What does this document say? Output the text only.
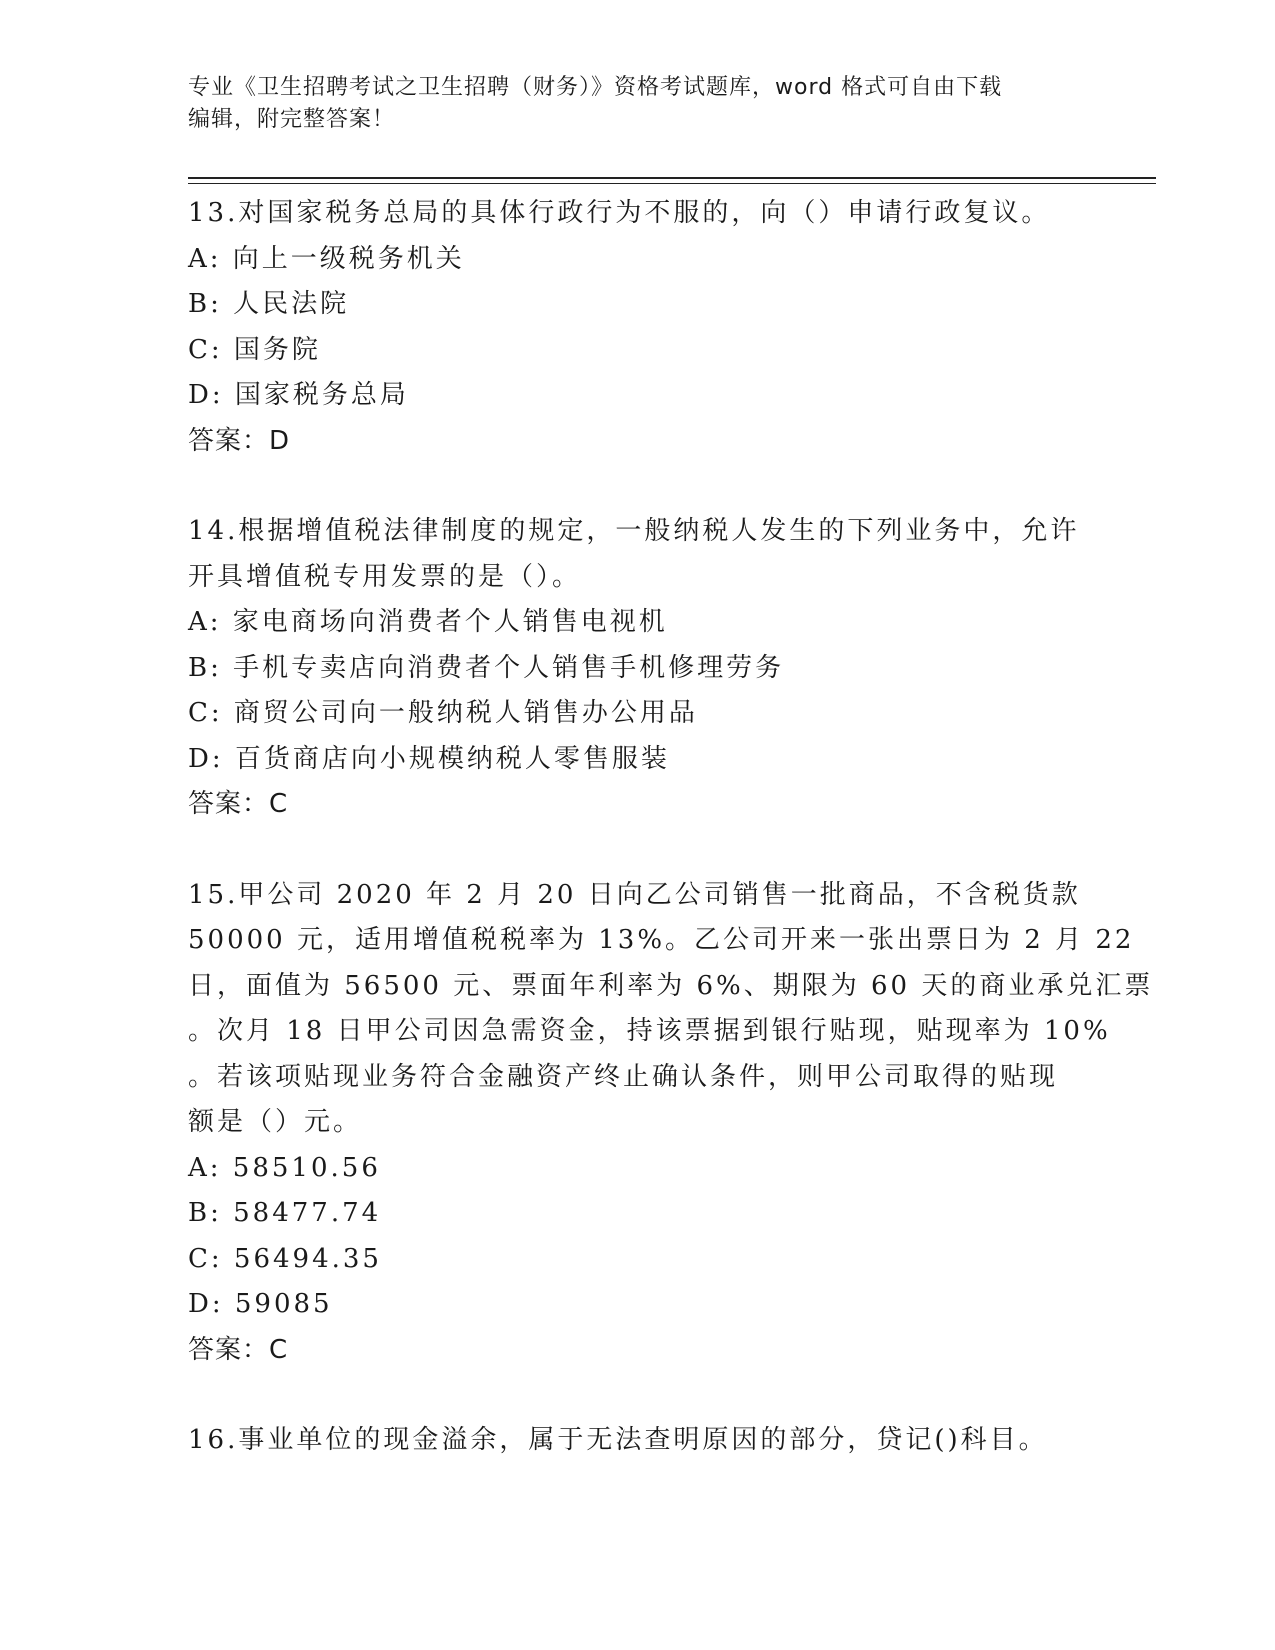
专业《卫生招聘考试之卫生招聘（财务）》资格考试题库，word 格式可自由下载
编辑，附完整答案！
13.对国家税务总局的具体行政行为不服的，向（）申请行政复议。
A: 向上一级税务机关
B: 人民法院
C: 国务院
D: 国家税务总局
答案：D
14.根据增值税法律制度的规定，一般纳税人发生的下列业务中，允许
开具增值税专用发票的是（）。
A: 家电商场向消费者个人销售电视机
B: 手机专卖店向消费者个人销售手机修理劳务
C: 商贸公司向一般纳税人销售办公用品
D: 百货商店向小规模纳税人零售服装
答案：C
15.甲公司 2020 年 2 月 20 日向乙公司销售一批商品，不含税货款
50000 元，适用增值税税率为 13%。乙公司开来一张出票日为 2 月 22
日，面值为 56500 元、票面年利率为 6%、期限为 60 天的商业承兑汇票
。次月 18 日甲公司因急需资金，持该票据到银行贴现，贴现率为 10%
。若该项贴现业务符合金融资产终止确认条件，则甲公司取得的贴现
额是（）元。
A: 58510.56
B: 58477.74
C: 56494.35
D: 59085
答案：C
16.事业单位的现金溢余，属于无法查明原因的部分，贷记()科目。
